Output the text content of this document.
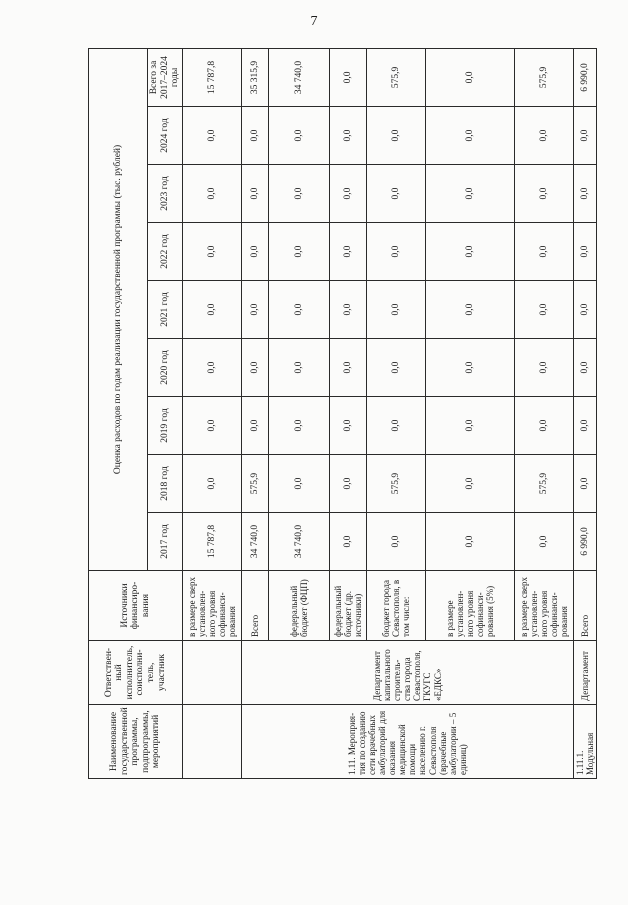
7
Наименование государственной программы, подпрограммы, мероприятий	Ответствен-ный исполнитель, соисполни-тель, участник	Источники финансиро-вания	Оценка расходов по годам реализации государственной программы (тыс. рублей)								
			2017 год	2018 год	2019 год	2020 год	2021 год	2022 год	2023 год	2024 год	Всего за 2017–2024 годы
		в размере сверх установлен-ного уровня софинанси-рования	15 787,8	0,0	0,0	0,0	0,0	0,0	0,0	0,0	15 787,8
1.11. Мероприя-тия по созданию сети врачебных амбулаторий для оказания медицинской помощи населению г. Севастополя (врачебные амбулатории – 5 единиц)	Департамент капитального строитель-ства города Севастополя, ГКУГС «ЕДКС»	Всего	34 740,0	575,9	0,0	0,0	0,0	0,0	0,0	0,0	35 315,9
		федеральный бюджет (ФЦП)	34 740,0	0,0	0,0	0,0	0,0	0,0	0,0	0,0	34 740,0
		федеральный бюджет (др. источники)	0,0	0,0	0,0	0,0	0,0	0,0	0,0	0,0	0,0
		бюджет города Севастополя, в том числе:	0,0	575,9	0,0	0,0	0,0	0,0	0,0	0,0	575,9
		в размере установлен-ного уровня софинанси-рования (5%)	0,0	0,0	0,0	0,0	0,0	0,0	0,0	0,0	0,0
		в размере сверх установлен-ного уровня софинанси-рования	0,0	575,9	0,0	0,0	0,0	0,0	0,0	0,0	575,9
1.11.1. Модульная	Департамент	Всего	6 990,0	0,0	0,0	0,0	0,0	0,0	0,0	0,0	6 990,0
